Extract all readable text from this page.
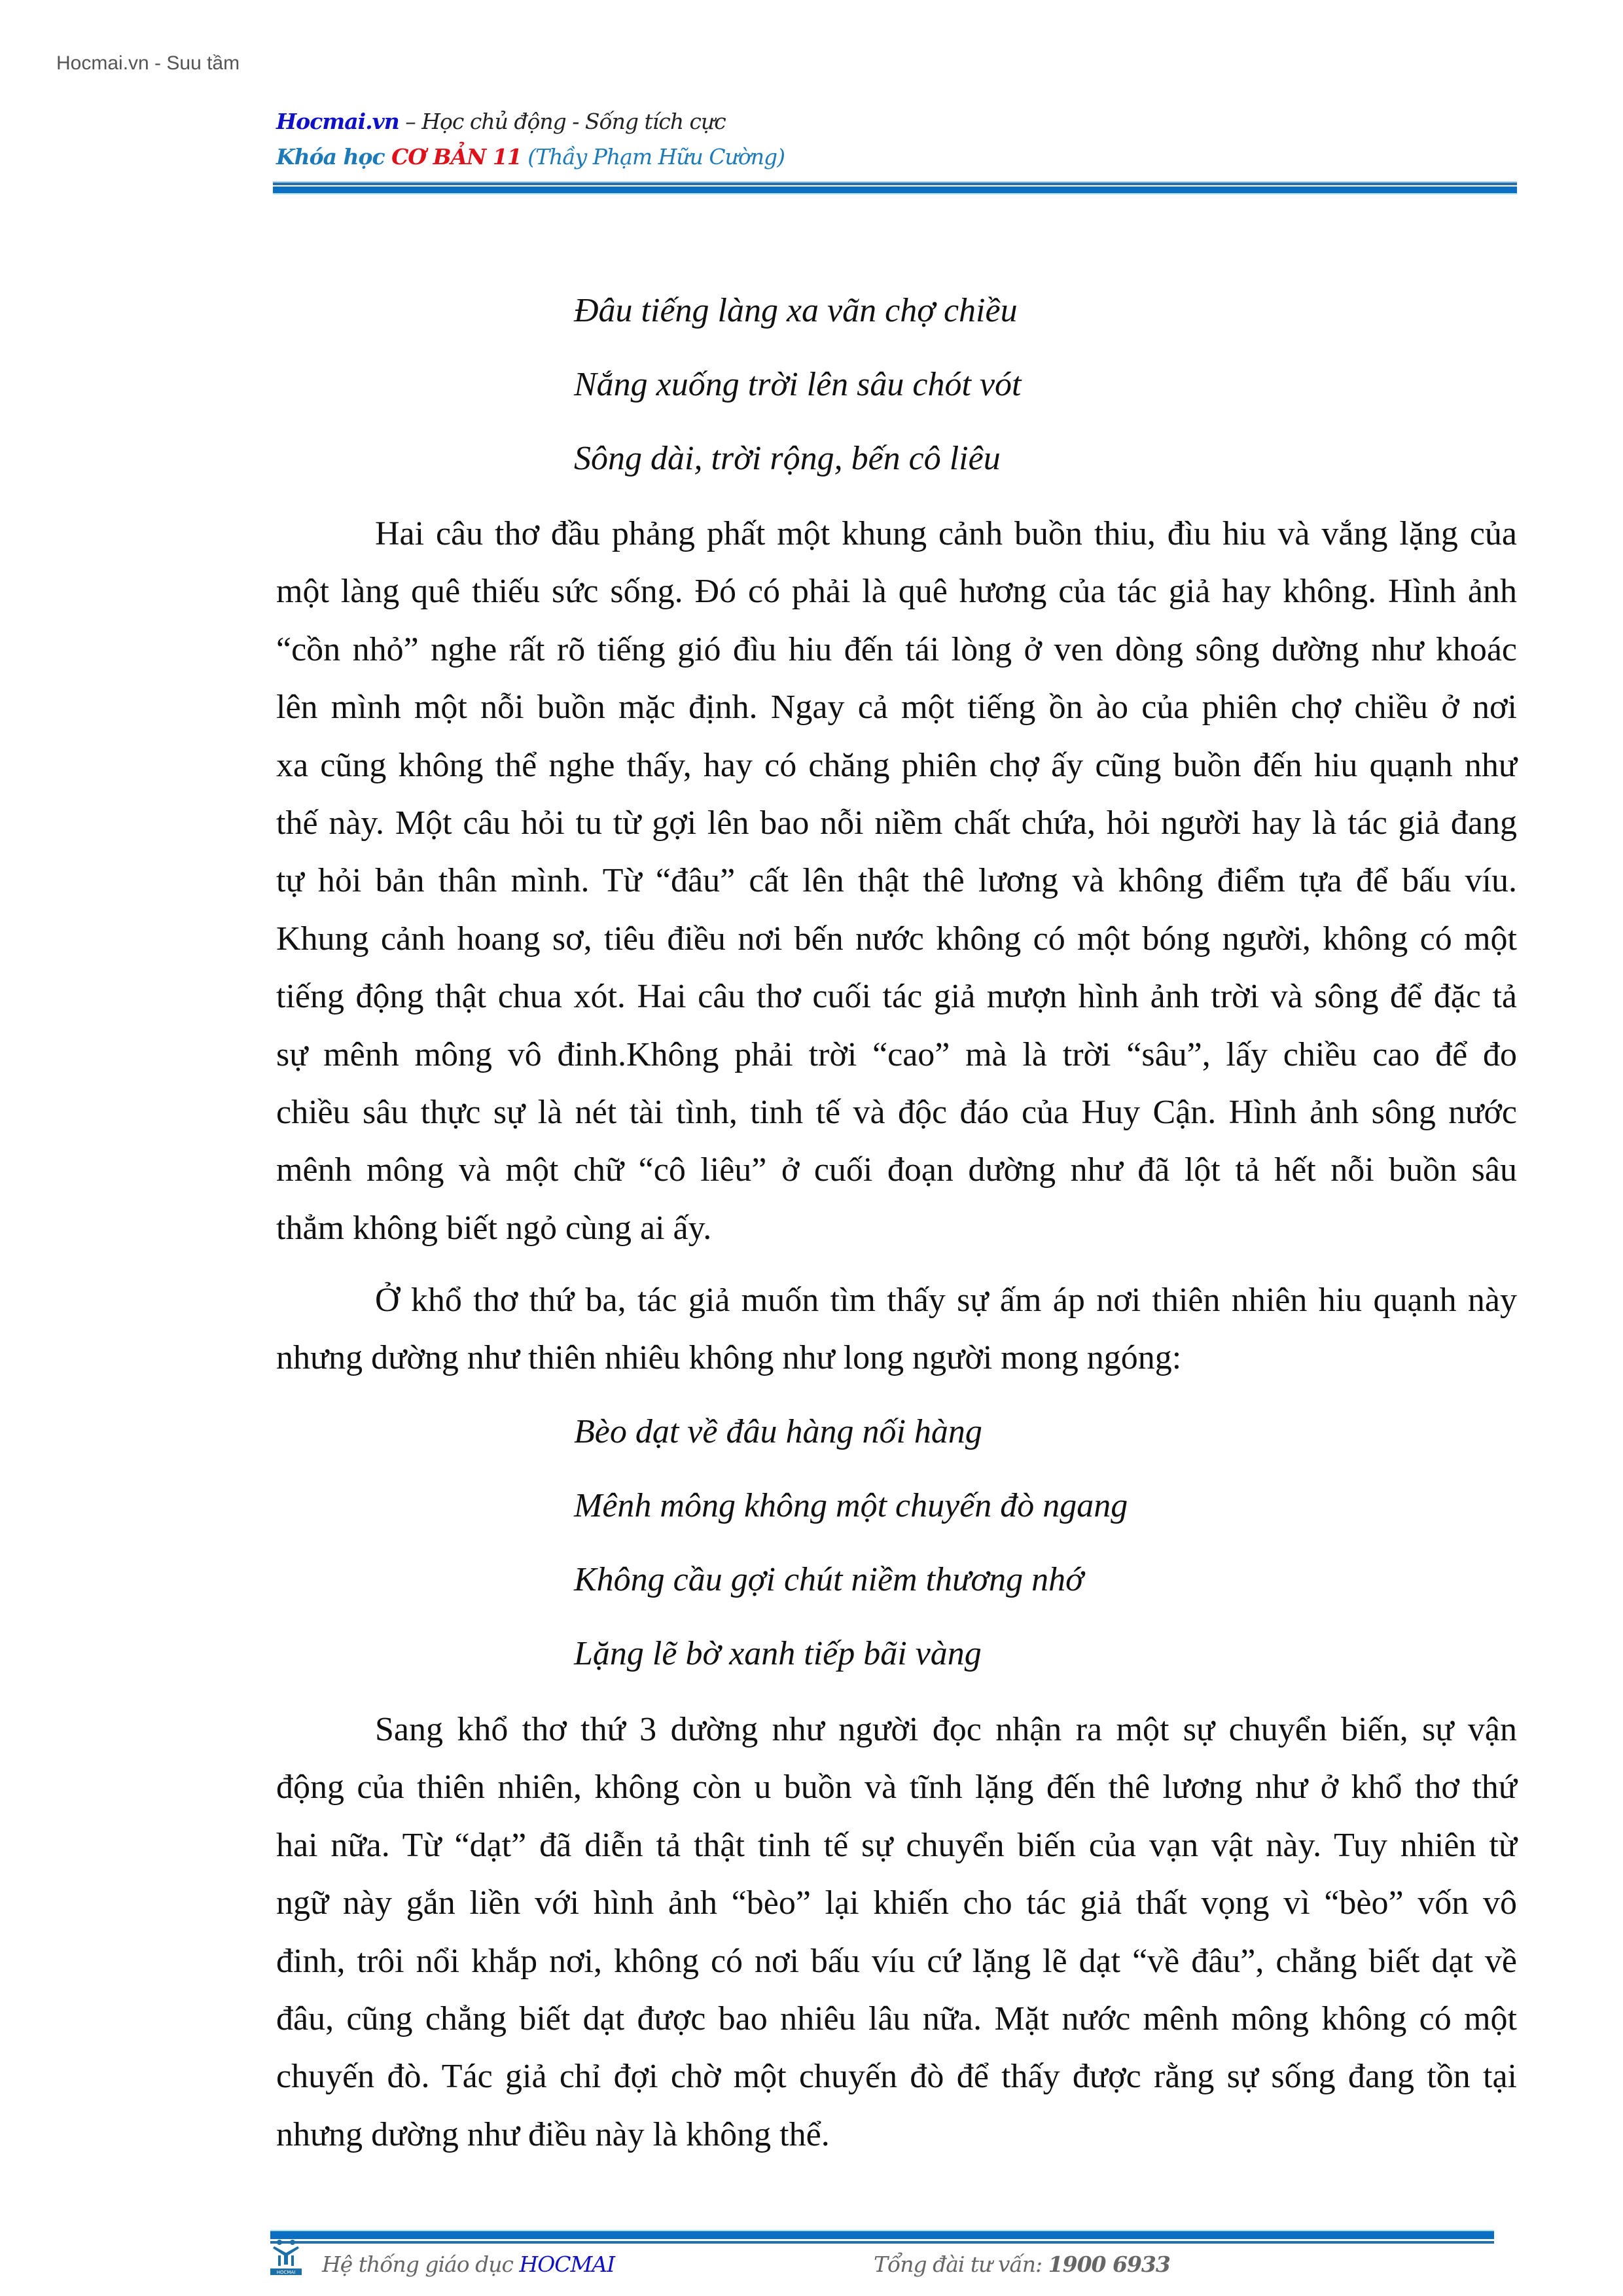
Hocmai.vn - Suu tầm
Hocmai.vn – Học chủ động - Sống tích cực
Khóa học CƠ BẢN 11 (Thầy Phạm Hữu Cường)
Đâu tiếng làng xa vãn chợ chiều
Nắng xuống trời lên sâu chót vót
Sông dài, trời rộng, bến cô liêu
Hai câu thơ đầu phảng phất một khung cảnh buồn thiu, đìu hiu và vắng lặng của
một làng quê thiếu sức sống. Đó có phải là quê hương của tác giả hay không. Hình ảnh
“cồn nhỏ” nghe rất rõ tiếng gió đìu hiu đến tái lòng ở ven dòng sông dường như khoác
lên mình một nỗi buồn mặc định. Ngay cả một tiếng ồn ào của phiên chợ chiều ở nơi
xa cũng không thể nghe thấy, hay có chăng phiên chợ ấy cũng buồn đến hiu quạnh như
thế này. Một câu hỏi tu từ gợi lên bao nỗi niềm chất chứa, hỏi người hay là tác giả đang
tự hỏi bản thân mình. Từ “đâu” cất lên thật thê lương và không điểm tựa để bấu víu.
Khung cảnh hoang sơ, tiêu điều nơi bến nước không có một bóng người, không có một
tiếng động thật chua xót. Hai câu thơ cuối tác giả mượn hình ảnh trời và sông để đặc tả
sự mênh mông vô đinh.Không phải trời “cao” mà là trời “sâu”, lấy chiều cao để đo
chiều sâu thực sự là nét tài tình, tinh tế và độc đáo của Huy Cận. Hình ảnh sông nước
mênh mông và một chữ “cô liêu” ở cuối đoạn dường như đã lột tả hết nỗi buồn sâu
thẳm không biết ngỏ cùng ai ấy.
Ở khổ thơ thứ ba, tác giả muốn tìm thấy sự ấm áp nơi thiên nhiên hiu quạnh này
nhưng dường như thiên nhiêu không như long người mong ngóng:
Bèo dạt về đâu hàng nối hàng
Mênh mông không một chuyến đò ngang
Không cầu gợi chút niềm thương nhớ
Lặng lẽ bờ xanh tiếp bãi vàng
Sang khổ thơ thứ 3 dường như người đọc nhận ra một sự chuyển biến, sự vận
động của thiên nhiên, không còn u buồn và tĩnh lặng đến thê lương như ở khổ thơ thứ
hai nữa. Từ “dạt” đã diễn tả thật tinh tế sự chuyển biến của vạn vật này. Tuy nhiên từ
ngữ này gắn liền với hình ảnh “bèo” lại khiến cho tác giả thất vọng vì “bèo” vốn vô
đinh, trôi nổi khắp nơi, không có nơi bấu víu cứ lặng lẽ dạt “về đâu”, chẳng biết dạt về
đâu, cũng chẳng biết dạt được bao nhiêu lâu nữa. Mặt nước mênh mông không có một
chuyến đò. Tác giả chỉ đợi chờ một chuyến đò để thấy được rằng sự sống đang tồn tại
nhưng dường như điều này là không thể.
HOCMAI Hệ thống giáo dục HOCMAI	Tổng đài tư vấn: 1900 6933
